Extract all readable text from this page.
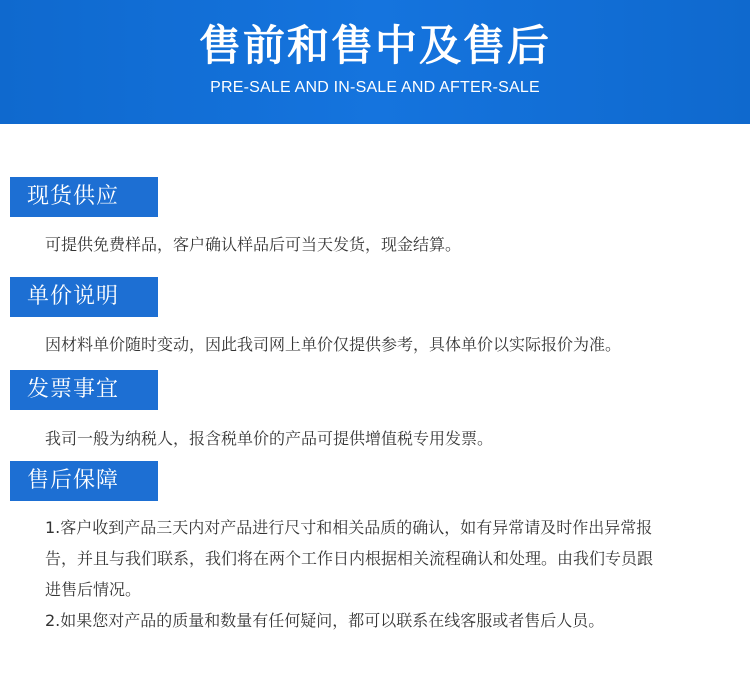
售前和售中及售后
PRE-SALE AND IN-SALE AND AFTER-SALE
现货供应
可提供免费样品，客户确认样品后可当天发货，现金结算。
单价说明
因材料单价随时变动，因此我司网上单价仅提供参考，具体单价以实际报价为准。
发票事宜
我司一般为纳税人，报含税单价的产品可提供增值税专用发票。
售后保障
1.客户收到产品三天内对产品进行尺寸和相关品质的确认，如有异常请及时作出异常报
告，并且与我们联系，我们将在两个工作日内根据相关流程确认和处理。由我们专员跟
进售后情况。
2.如果您对产品的质量和数量有任何疑问，都可以联系在线客服或者售后人员。
